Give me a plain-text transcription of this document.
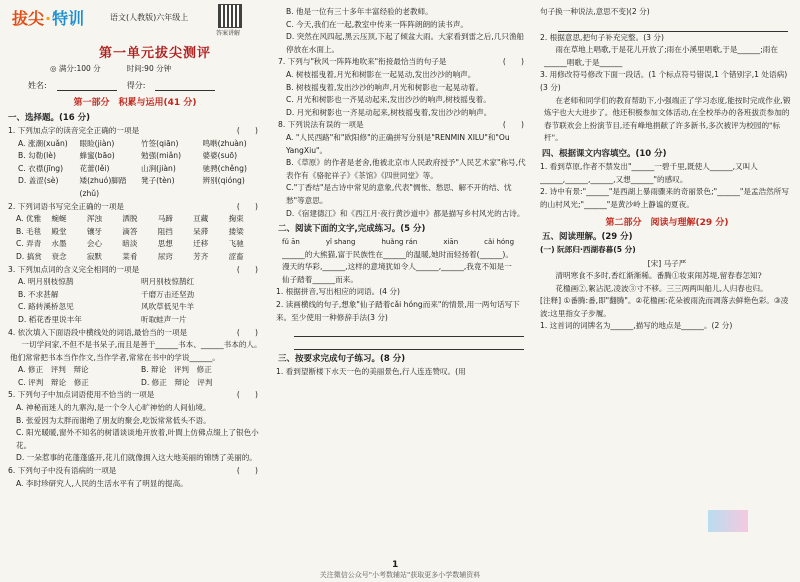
拔尖·特训	语文(人教版)六年级上
答案讲解
第一单元拔尖测评
◎ 满分:100 分	时间:90 分钟
姓名:	得分:
第一部分　积累与运用(41 分)
一、选择题。(16 分)
1. 下列加点字的读音完全正确的一项是	(　　)
A. 涨潮(xuǎn)	眼睑(jiàn)	竹签(qiān)	鸣啭(zhuàn)
B. 勾勒(lè)	蜂蜜(bāo)	勉强(miǎn)	婆婆(suō)
C. 衣襟(jīng)	花蕾(lěi)	山涧(jiàn)	驰骋(chěng)
D. 盖涩(sè)	矮(zhuó)脚踏(zhǔ)
凳子(tèn)	辨别(qióng)
2. 下列词语书写完全正确的一项是	(　　)
A. 优雅	蜿蜒	浑浊	洒脱	马蹄	亘藏	掬束
B. 毛毯	殿堂	镶牙	滴答	阻挡	呆滞	搂梁
C. 弄青	水墨	会心	暗淡	思想	迁移	飞驰
D. 搞赏	衰念	寂默	菜肴	尿窍	芳齐	涩畜
3. 下列加点词的含义完全相同的一项是	(　　)
A. 明月别枝惊鹊	明月别枝惊鹊红
B. 不求甚解	千磨万击还坚劲
C. 路转溪桥忽见	风吹草低见牛羊
D. 稻花香里说丰年	听取蛙声一片
4. 依次填入下面语段中横线处的词语,最恰当的一项是	(　　)
一切学问家,不但不是书呆子,而且是善于______书本、______书本的人。他们常常把书本当作作文,当作学者,常常在书中的学说______。
A. 修正　 评判　 辩论	B. 辩论　 评判　 修正
C. 评判　 辩论　 修正	D. 修正　 辩论　 评判
5. 下列句子中加点词语使用不恰当的一项是	(　　)
A. 神秘而迷人的九寨沟,是一个令人心旷神怡的人间仙境。
B. 张爱因为太胖而谢绝了朋友的聚会,吃饭常常低头不语。
C. 阳光暖暖,窗外不知名的树谱谈谈地开放着,叶間上仿佛点缀上了银色小花。
D. 一朵惹事的花蓬蓬盛开,花儿们就像拥入这大地美丽的锦绣了美丽的。
6. 下列句子中没有语病的一项是	(　　)
A. 李时珍研究人,人民的生活水平有了明显的提高。
B. 他是一位有三十多年丰富经验的老教师。
C. 今天,我们在一起,教室中传来一阵阵朗朗的读书声。
D. 突然在风四起,黑云压顶,下起了倾盆大雨。大家看到雷之后,几只渔船停放在水面上。
7. 下列与"秋风一阵阵地吹来"衔接最恰当的句子是	(　　)
A. 树枝摇曳着,月光和树影在一起晃动,发出沙沙的响声。
B. 树枝摇曳着,发出沙沙的响声,月光和树影也一起晃动着。
C. 月光和树影也一齐晃动起来,发出沙沙的响声,树枝摇曳着。
D. 月光和树影也一齐晃动起来,树枝摇曳着,发出沙沙的响声。
8. 下列说法有误的一项是	(　　)
A. "人民西路"和"欧阳修"的正确拼写分别是"RENMIN XILU"和"Ou YangXiu"。
B.《草原》的作者是老舍,他被北京市人民政府授予"人民艺术家"称号,代表作有《骆驼祥子》《茶馆》《四世同堂》等。
C."丁香结"是古诗中常见的意象,代表"惆怅、愁思、解不开的结、忧愁"等意思。
D.《宿建德江》和《西江月·夜行黄沙道中》都是描写乡村风光的古诗。
二、阅读下面的文字,完成练习。(5 分)
fǔ ān	yǐ shang	huǎng rán	xiān	cǎi hóng
______的大熊猫,富于民族性在______的温暖,她时而轻扬着(______)。
漫天的华彩,______,这样的意境犹如令人______,______,我竟不知是一
仙子踏着______而来。
1. 根据拼音,写出相应的词语。(4 分)
2. 读画横线的句子,想象"仙子踏着cǎi hóng而来"的情景,用一两句话写下来。至少使用一种修辞手法(3 分)
三、按要求完成句子练习。(8 分)
1. 看到望断楼下水天一色的美丽景色,行人连连赞叹。(用
句子换一种说法,意思不变)(2 分)
2. 根据意思,把句子补充完整。(3 分)
雨在草地上唱歌,于是花儿开放了;雨在小溪里唱歌,于是______;雨在______唱歌,于是______
3. 用修改符号修改下面一段话。(1 个标点符号错误,1 个错别字,1 处语病)(3 分)
在老师和同学们的教育帮助下,小强端正了学习态度,能按时完成作业,锻炼宇也大大进步了。他还积极参加文体活动,在全校举办的各班拔贡参加的春节联欢会上扮演节目,还有峰地捐献了许多新书,多次被评为校园的"标杆"。
四、根据课文内容填空。(10 分)
1. 看到草原,作者不禁发出"______一碧千里,既使人______,又叫人______,______,______,又想______"的感叹。
2. 诗中有景:"______"是西湖上暴雨骤来的奇丽景色;"______"是孟浩然所写的山村风光;"______"是黄沙岭上静谧的夏夜。
第二部分　阅读与理解(29 分)
五、阅读理解。(29 分)
(一) 阮郎归·西湖春暮(5 分)
[宋] 马子严
清明寒食不多时,香红渐渐稀。番腾①妆束闹苏堤,留春春怎知?
花楹画②,絮沾泥,凌波③寸不移。三三两两叫船儿,人归春也归。
[注释] ①番腾:番,即"翻腾"。②花楹画:花朵被雨洗而凋落去鲜艳色彩。③凌波:这里指女子步履。
1. 这首词的词牌名为______,描写的地点是______。(2 分)
1
关注微信公众号"小考数辅站"获取更多小学数辅资料
